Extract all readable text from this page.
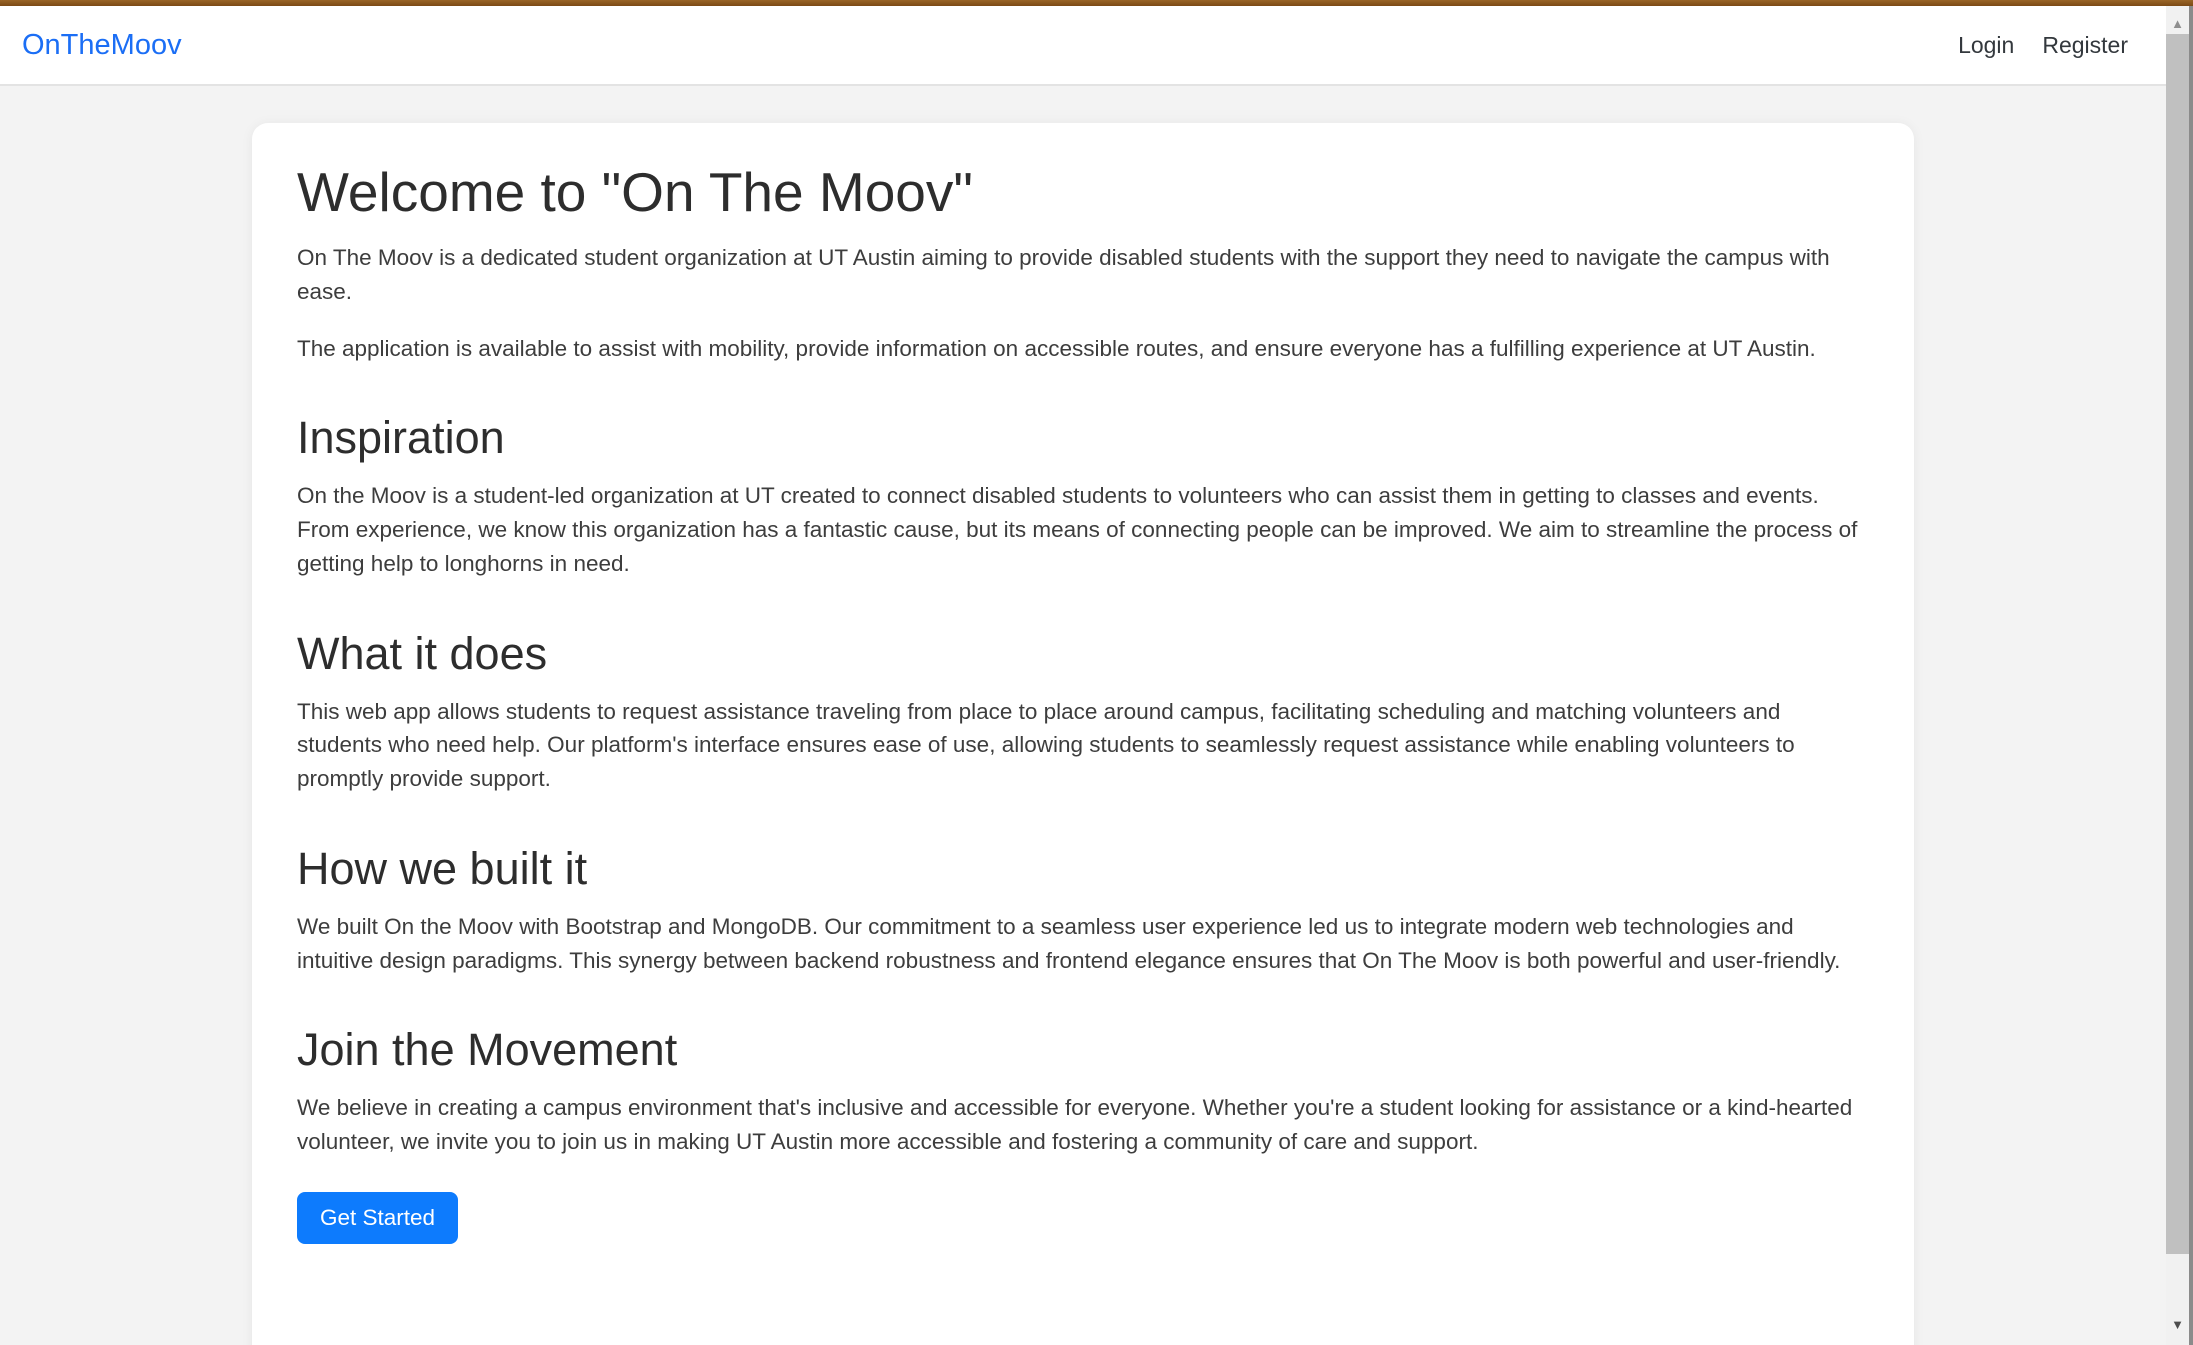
▲
▼
OnTheMoov	Login Register
Welcome to "On The Moov"

On The Moov is a dedicated student organization at UT Austin aiming to provide disabled students with the support they need to navigate the campus with ease.

The application is available to assist with mobility, provide information on accessible routes, and ensure everyone has a fulfilling experience at UT Austin.

Inspiration

On the Moov is a student-led organization at UT created to connect disabled students to volunteers who can assist them in getting to classes and events. From experience, we know this organization has a fantastic cause, but its means of connecting people can be improved. We aim to streamline the process of getting help to longhorns in need.

What it does

This web app allows students to request assistance traveling from place to place around campus, facilitating scheduling and matching volunteers and students who need help. Our platform's interface ensures ease of use, allowing students to seamlessly request assistance while enabling volunteers to promptly provide support.

How we built it

We built On the Moov with Bootstrap and MongoDB. Our commitment to a seamless user experience led us to integrate modern web technologies and intuitive design paradigms. This synergy between backend robustness and frontend elegance ensures that On The Moov is both powerful and user-friendly.

Join the Movement

We believe in creating a campus environment that's inclusive and accessible for everyone. Whether you're a student looking for assistance or a kind-hearted volunteer, we invite you to join us in making UT Austin more accessible and fostering a community of care and support.

Get Started
